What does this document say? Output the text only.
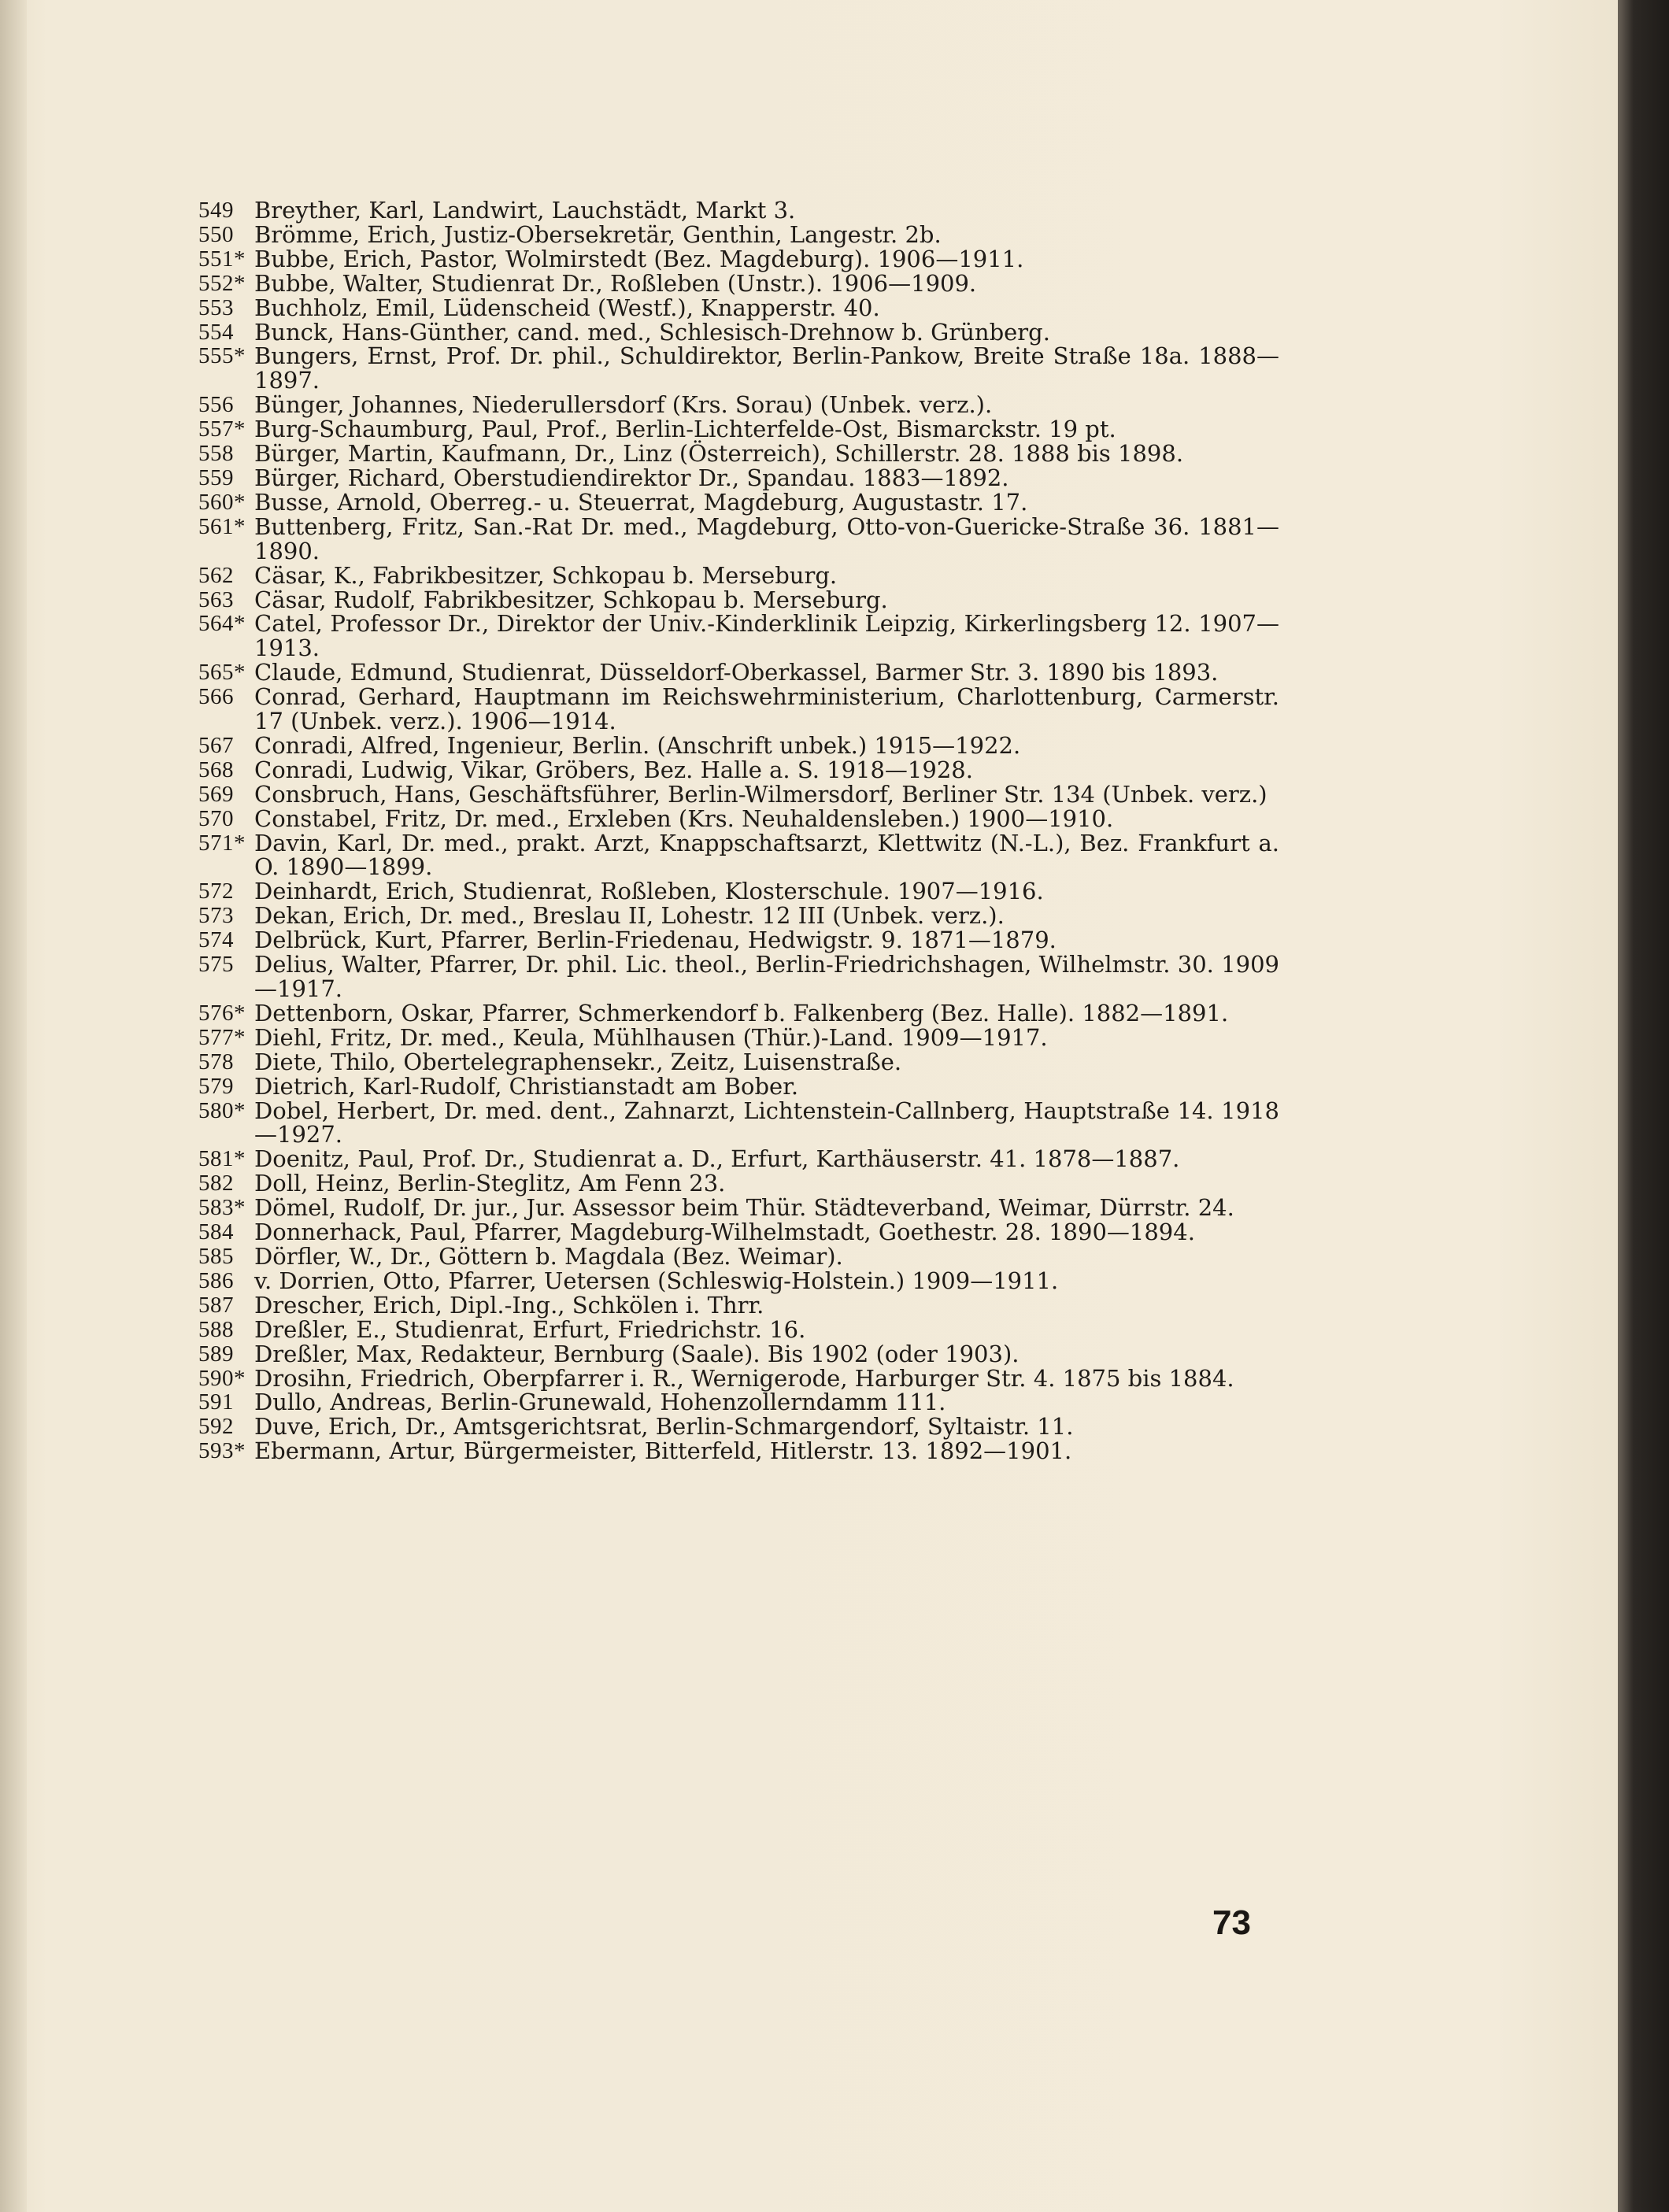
549 Breyther, Karl, Landwirt, Lauchstädt, Markt 3.
550 Brömme, Erich, Justiz-Obersekretär, Genthin, Langestr. 2b.
551* Bubbe, Erich, Pastor, Wolmirstedt (Bez. Magdeburg). 1906—1911.
552* Bubbe, Walter, Studienrat Dr., Roßleben (Unstr.). 1906—1909.
553 Buchholz, Emil, Lüdenscheid (Westf.), Knapperstr. 40.
554 Bunck, Hans-Günther, cand. med., Schlesisch-Drehnow b. Grünberg.
555* Bungers, Ernst, Prof. Dr. phil., Schuldirektor, Berlin-Pankow, Breite Straße 18a. 1888—1897.
556 Bünger, Johannes, Niederullersdorf (Krs. Sorau) (Unbek. verz.).
557* Burg-Schaumburg, Paul, Prof., Berlin-Lichterfelde-Ost, Bismarckstr. 19 pt.
558 Bürger, Martin, Kaufmann, Dr., Linz (Österreich), Schillerstr. 28. 1888 bis 1898.
559 Bürger, Richard, Oberstudiendirektor Dr., Spandau. 1883—1892.
560* Busse, Arnold, Oberreg.- u. Steuerrat, Magdeburg, Augustastr. 17.
561* Buttenberg, Fritz, San.-Rat Dr. med., Magdeburg, Otto-von-Guericke-Straße 36. 1881—1890.
562 Cäsar, K., Fabrikbesitzer, Schkopau b. Merseburg.
563 Cäsar, Rudolf, Fabrikbesitzer, Schkopau b. Merseburg.
564* Catel, Professor Dr., Direktor der Univ.-Kinderklinik Leipzig, Kirkerlingsberg 12. 1907—1913.
565* Claude, Edmund, Studienrat, Düsseldorf-Oberkassel, Barmer Str. 3. 1890 bis 1893.
566 Conrad, Gerhard, Hauptmann im Reichswehrministerium, Charlottenburg, Carmerstr. 17 (Unbek. verz.). 1906—1914.
567 Conradi, Alfred, Ingenieur, Berlin. (Anschrift unbek.) 1915—1922.
568 Conradi, Ludwig, Vikar, Gröbers, Bez. Halle a. S. 1918—1928.
569 Consbruch, Hans, Geschäftsführer, Berlin-Wilmersdorf, Berliner Str. 134 (Unbek. verz.)
570 Constabel, Fritz, Dr. med., Erxleben (Krs. Neuhaldensleben.) 1900—1910.
571* Davin, Karl, Dr. med., prakt. Arzt, Knappschaftsarzt, Klettwitz (N.-L.), Bez. Frankfurt a. O. 1890—1899.
572 Deinhardt, Erich, Studienrat, Roßleben, Klosterschule. 1907—1916.
573 Dekan, Erich, Dr. med., Breslau II, Lohestr. 12 III (Unbek. verz.).
574 Delbrück, Kurt, Pfarrer, Berlin-Friedenau, Hedwigstr. 9. 1871—1879.
575 Delius, Walter, Pfarrer, Dr. phil. Lic. theol., Berlin-Friedrichshagen, Wilhelmstr. 30. 1909—1917.
576* Dettenborn, Oskar, Pfarrer, Schmerkendorf b. Falkenberg (Bez. Halle). 1882—1891.
577* Diehl, Fritz, Dr. med., Keula, Mühlhausen (Thür.)-Land. 1909—1917.
578 Diete, Thilo, Obertelegraphensekr., Zeitz, Luisenstraße.
579 Dietrich, Karl-Rudolf, Christianstadt am Bober.
580* Dobel, Herbert, Dr. med. dent., Zahnarzt, Lichtenstein-Callnberg, Hauptstraße 14. 1918—1927.
581* Doenitz, Paul, Prof. Dr., Studienrat a. D., Erfurt, Karthäuserstr. 41. 1878—1887.
582 Doll, Heinz, Berlin-Steglitz, Am Fenn 23.
583* Dömel, Rudolf, Dr. jur., Jur. Assessor beim Thür. Städteverband, Weimar, Dürrstr. 24.
584 Donnerhack, Paul, Pfarrer, Magdeburg-Wilhelmstadt, Goethestr. 28. 1890—1894.
585 Dörfler, W., Dr., Göttern b. Magdala (Bez. Weimar).
586 v. Dorrien, Otto, Pfarrer, Uetersen (Schleswig-Holstein.) 1909—1911.
587 Drescher, Erich, Dipl.-Ing., Schkölen i. Thrr.
588 Dreßler, E., Studienrat, Erfurt, Friedrichstr. 16.
589 Dreßler, Max, Redakteur, Bernburg (Saale). Bis 1902 (oder 1903).
590* Drosihn, Friedrich, Oberpfarrer i. R., Wernigerode, Harburger Str. 4. 1875 bis 1884.
591 Dullo, Andreas, Berlin-Grunewald, Hohenzollerndamm 111.
592 Duve, Erich, Dr., Amtsgerichtsrat, Berlin-Schmargendorf, Syltaistr. 11.
593* Ebermann, Artur, Bürgermeister, Bitterfeld, Hitlerstr. 13. 1892—1901.
73
